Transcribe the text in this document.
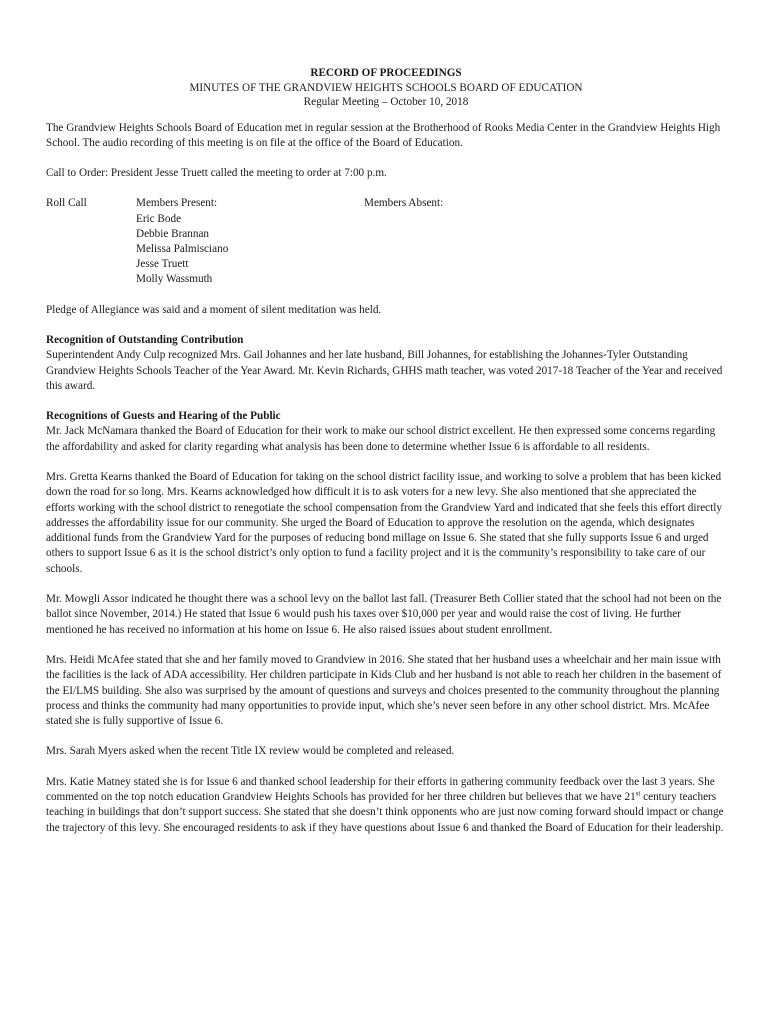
RECORD OF PROCEEDINGS
MINUTES OF THE GRANDVIEW HEIGHTS SCHOOLS BOARD OF EDUCATION
Regular Meeting – October 10, 2018

The Grandview Heights Schools Board of Education met in regular session at the Brotherhood of Rooks Media Center in the Grandview Heights High School. The audio recording of this meeting is on file at the office of the Board of Education.

Call to Order: President Jesse Truett called the meeting to order at 7:00 p.m.

Roll Call	Members Present:
Eric Bode
Debbie Brannan
Melissa Palmisciano
Jesse Truett
Molly Wassmuth
Members Absent:

Pledge of Allegiance was said and a moment of silent meditation was held.

Recognition of Outstanding Contribution

Superintendent Andy Culp recognized Mrs. Gail Johannes and her late husband, Bill Johannes, for establishing the Johannes-Tyler Outstanding Grandview Heights Schools Teacher of the Year Award. Mr. Kevin Richards, GHHS math teacher, was voted 2017-18 Teacher of the Year and received this award.

Recognitions of Guests and Hearing of the Public

Mr. Jack McNamara thanked the Board of Education for their work to make our school district excellent. He then expressed some concerns regarding the affordability and asked for clarity regarding what analysis has been done to determine whether Issue 6 is affordable to all residents.

Mrs. Gretta Kearns thanked the Board of Education for taking on the school district facility issue, and working to solve a problem that has been kicked down the road for so long. Mrs. Kearns acknowledged how difficult it is to ask voters for a new levy. She also mentioned that she appreciated the efforts working with the school district to renegotiate the school compensation from the Grandview Yard and indicated that she feels this effort directly addresses the affordability issue for our community. She urged the Board of Education to approve the resolution on the agenda, which designates additional funds from the Grandview Yard for the purposes of reducing bond millage on Issue 6. She stated that she fully supports Issue 6 and urged others to support Issue 6 as it is the school district’s only option to fund a facility project and it is the community’s responsibility to take care of our schools.

Mr. Mowgli Assor indicated he thought there was a school levy on the ballot last fall. (Treasurer Beth Collier stated that the school had not been on the ballot since November, 2014.) He stated that Issue 6 would push his taxes over $10,000 per year and would raise the cost of living. He further mentioned he has received no information at his home on Issue 6. He also raised issues about student enrollment.

Mrs. Heidi McAfee stated that she and her family moved to Grandview in 2016. She stated that her husband uses a wheelchair and her main issue with the facilities is the lack of ADA accessibility. Her children participate in Kids Club and her husband is not able to reach her children in the basement of the EI/LMS building. She also was surprised by the amount of questions and surveys and choices presented to the community throughout the planning process and thinks the community had many opportunities to provide input, which she’s never seen before in any other school district. Mrs. McAfee stated she is fully supportive of Issue 6.

Mrs. Sarah Myers asked when the recent Title IX review would be completed and released.

Mrs. Katie Matney stated she is for Issue 6 and thanked school leadership for their efforts in gathering community feedback over the last 3 years. She commented on the top notch education Grandview Heights Schools has provided for her three children but believes that we have 21st century teachers teaching in buildings that don’t support success. She stated that she doesn’t think opponents who are just now coming forward should impact or change the trajectory of this levy. She encouraged residents to ask if they have questions about Issue 6 and thanked the Board of Education for their leadership.
